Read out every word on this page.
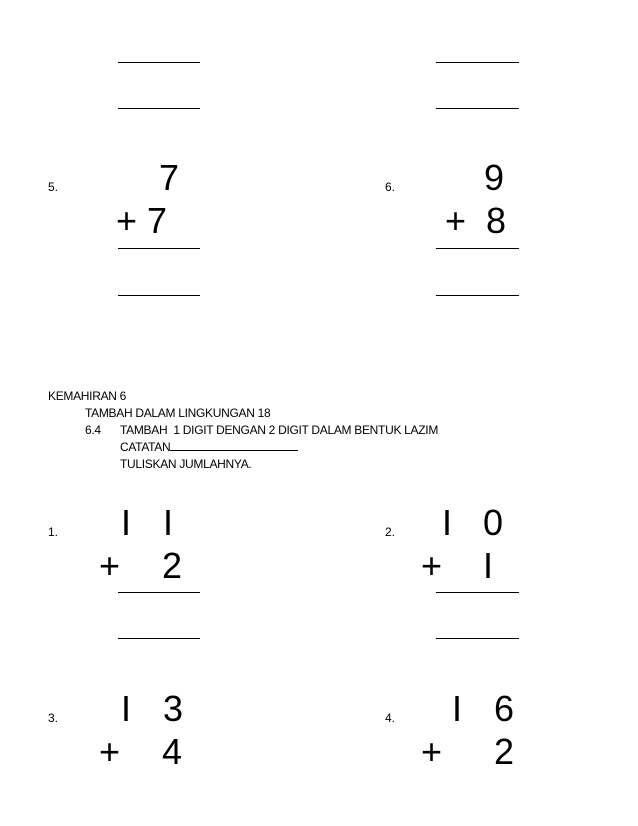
5.	7
+ 7
6. 9
+  8
KEMAHIRAN 6
TAMBAH DALAM LINGKUNGAN 18
6.4 TAMBAH  1 DIGIT DENGAN 2 DIGIT DALAM BENTUK LAZIM
CATATAN
TULISKAN JUMLAHNYA.
1. I I
+ 2
2. I 0
+ I
3. I 3
+ 4
4. I 6
+ 2
